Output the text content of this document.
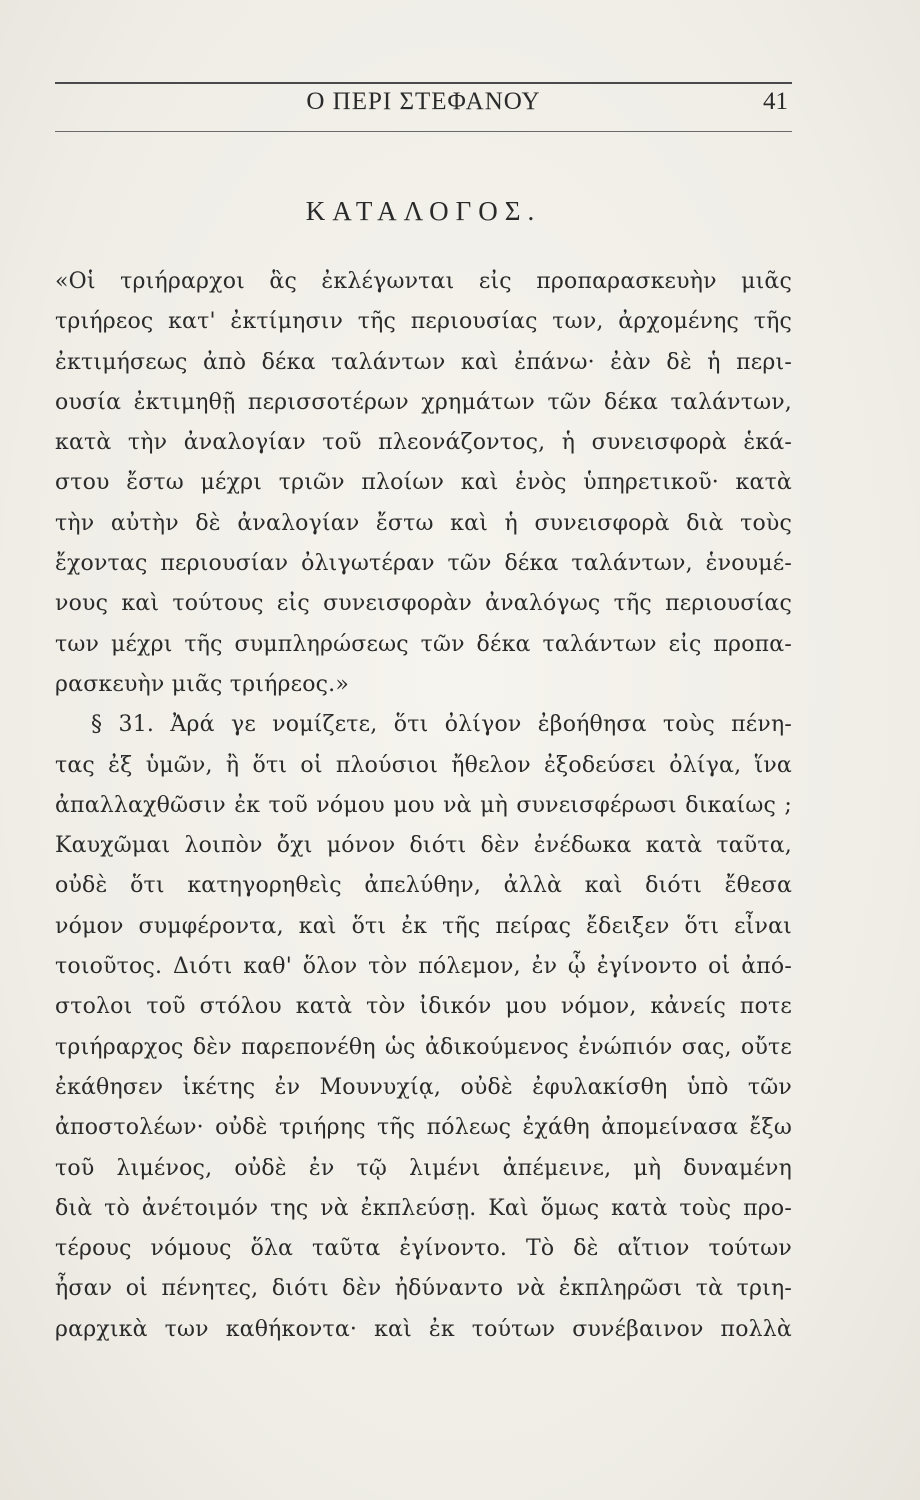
Ο ΠΕΡΙ ΣΤΕΦΑΝΟΥ	41
ΚΑΤΑΛΟΓΟΣ.
«Οἱ τριήραρχοι ἃς ἐκλέγωνται εἰς προπαρασκευὴν μιᾶς
τριήρεος κατ' ἐκτίμησιν τῆς περιουσίας των, ἀρχομένης τῆς
ἐκτιμήσεως ἀπὸ δέκα ταλάντων καὶ ἐπάνω· ἐὰν δὲ ἡ περι-
ουσία ἐκτιμηθῇ περισσοτέρων χρημάτων τῶν δέκα ταλάντων,
κατὰ τὴν ἀναλογίαν τοῦ πλεονάζοντος, ἡ συνεισφορὰ ἑκά-
στου ἔστω μέχρι τριῶν πλοίων καὶ ἑνὸς ὑπηρετικοῦ· κατὰ
τὴν αὐτὴν δὲ ἀναλογίαν ἔστω καὶ ἡ συνεισφορὰ διὰ τοὺς
ἔχοντας περιουσίαν ὀλιγωτέραν τῶν δέκα ταλάντων, ἑνουμέ-
νους καὶ τούτους εἰς συνεισφορὰν ἀναλόγως τῆς περιουσίας
των μέχρι τῆς συμπληρώσεως τῶν δέκα ταλάντων εἰς προπα-
ρασκευὴν μιᾶς τριήρεος.»
§ 31. Ἀρά γε νομίζετε, ὅτι ὀλίγον ἐβοήθησα τοὺς πένη-
τας ἐξ ὑμῶν, ἢ ὅτι οἱ πλούσιοι ἤθελον ἐξοδεύσει ὀλίγα, ἵνα
ἀπαλλαχθῶσιν ἐκ τοῦ νόμου μου νὰ μὴ συνεισφέρωσι δικαίως ;
Καυχῶμαι λοιπὸν ὄχι μόνον διότι δὲν ἐνέδωκα κατὰ ταῦτα,
οὐδὲ ὅτι κατηγορηθεὶς ἀπελύθην, ἀλλὰ καὶ διότι ἔθεσα
νόμον συμφέροντα, καὶ ὅτι ἐκ τῆς πείρας ἔδειξεν ὅτι εἶναι
τοιοῦτος. Διότι καθ' ὅλον τὸν πόλεμον, ἐν ᾧ ἐγίνοντο οἱ ἀπό-
στολοι τοῦ στόλου κατὰ τὸν ἰδικόν μου νόμον, κἀνείς ποτε
τριήραρχος δὲν παρεπονέθη ὡς ἀδικούμενος ἐνώπιόν σας, οὔτε
ἐκάθησεν ἱκέτης ἐν Μουνυχίᾳ, οὐδὲ ἐφυλακίσθη ὑπὸ τῶν
ἀποστολέων· οὐδὲ τριήρης τῆς πόλεως ἐχάθη ἀπομείνασα ἔξω
τοῦ λιμένος, οὐδὲ ἐν τῷ λιμένι ἀπέμεινε, μὴ δυναμένη
διὰ τὸ ἀνέτοιμόν της νὰ ἐκπλεύσῃ. Καὶ ὅμως κατὰ τοὺς προ-
τέρους νόμους ὅλα ταῦτα ἐγίνοντο. Τὸ δὲ αἴτιον τούτων
ἦσαν οἱ πένητες, διότι δὲν ἠδύναντο νὰ ἐκπληρῶσι τὰ τριη-
ραρχικὰ των καθήκοντα· καὶ ἐκ τούτων συνέβαινον πολλὰ
